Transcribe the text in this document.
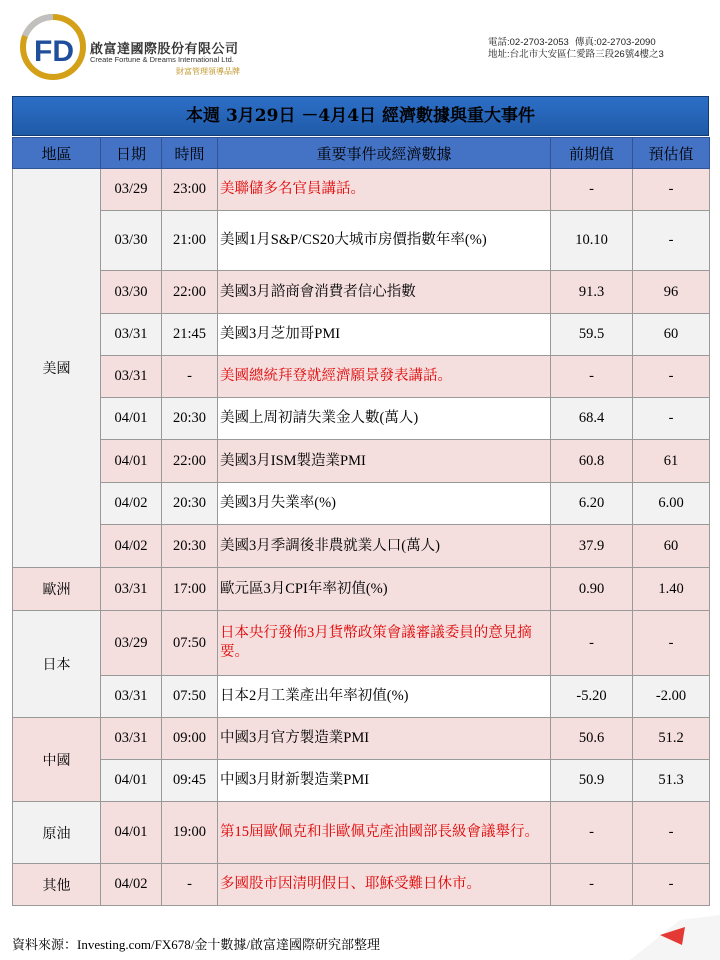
FD 啟富達國際股份有限公司
Create Fortune & Dreams International Ltd.
財富管理領導品牌
電話:02-2703-2053 傳真:02-2703-2090
地址:台北市大安區仁愛路三段26號4樓之3
本週 3月29日 －4月4日 經濟數據與重大事件
地區	日期	時間	重要事件或經濟數據	前期值	預估值
美國	03/29	23:00	美聯儲多名官員講話。	-	-
	03/30	21:00	美國1月S&P/CS20大城市房價指數年率(%)	10.10	-
	03/30	22:00	美國3月諮商會消費者信心指數	91.3	96
	03/31	21:45	美國3月芝加哥PMI	59.5	60
	03/31	-	美國總統拜登就經濟願景發表講話。	-	-
	04/01	20:30	美國上周初請失業金人數(萬人)	68.4	-
	04/01	22:00	美國3月ISM製造業PMI	60.8	61
	04/02	20:30	美國3月失業率(%)	6.20	6.00
	04/02	20:30	美國3月季調後非農就業人口(萬人)	37.9	60
歐洲	03/31	17:00	歐元區3月CPI年率初值(%)	0.90	1.40
日本	03/29	07:50	日本央行發佈3月貨幣政策會議審議委員的意見摘要。	-	-
	03/31	07:50	日本2月工業產出年率初值(%)	-5.20	-2.00
中國	03/31	09:00	中國3月官方製造業PMI	50.6	51.2
	04/01	09:45	中國3月財新製造業PMI	50.9	51.3
原油	04/01	19:00	第15屆歐佩克和非歐佩克產油國部長級會議舉行。	-	-
其他	04/02	-	多國股市因清明假日、耶穌受難日休市。	-	-
資料來源：Investing.com/FX678/金十數據/啟富達國際研究部整理
